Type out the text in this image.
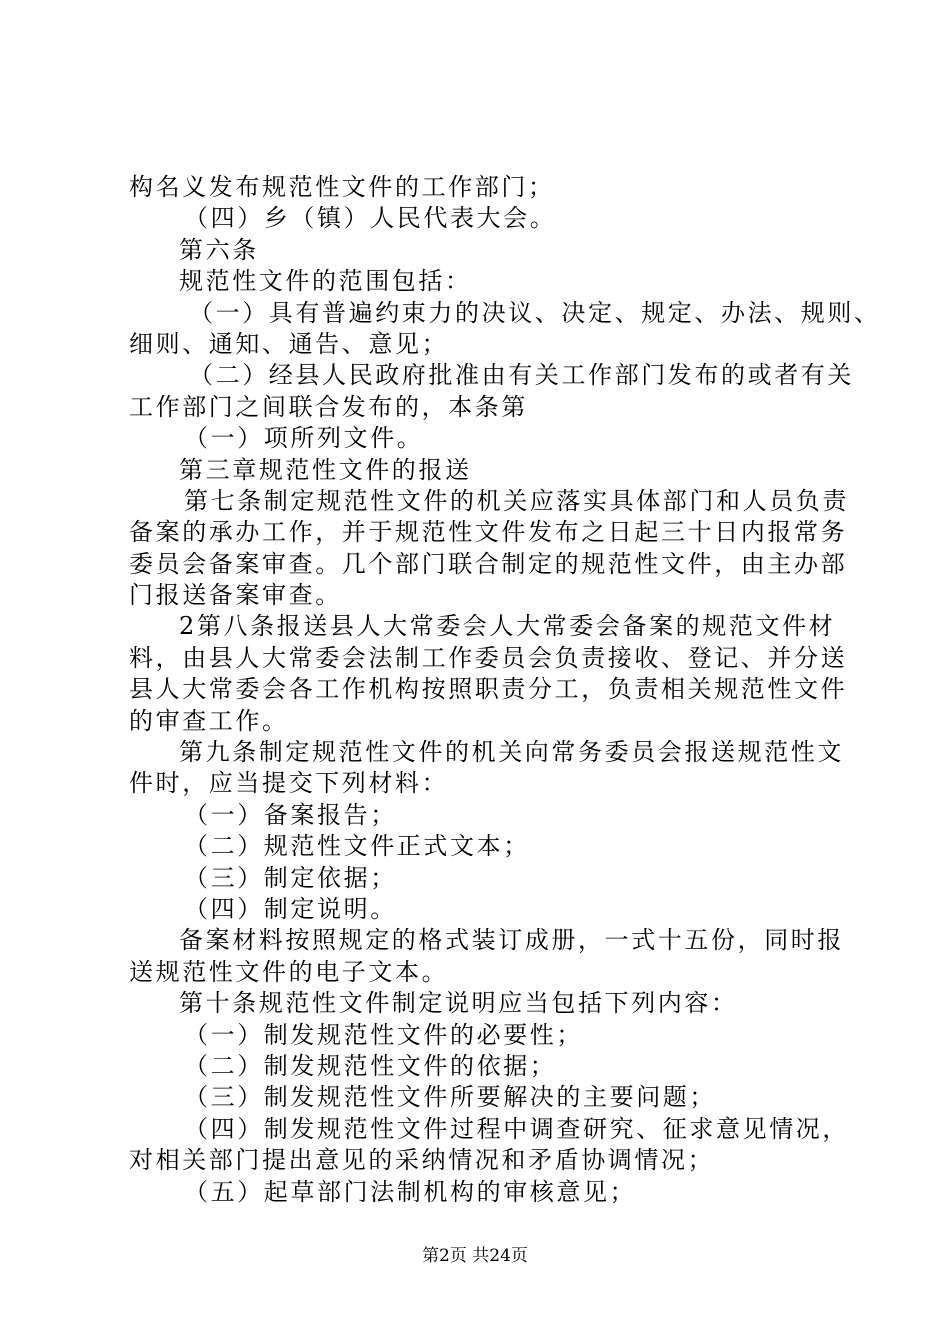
构名义发布规范性文件的工作部门；
（四）乡（镇）人民代表大会。
第六条
规范性文件的范围包括：
（一）具有普遍约束力的决议、决定、规定、办法、规则、
细则、通知、通告、意见；
（二）经县人民政府批准由有关工作部门发布的或者有关
工作部门之间联合发布的，本条第
（一）项所列文件。
第三章规范性文件的报送
第七条制定规范性文件的机关应落实具体部门和人员负责
备案的承办工作，并于规范性文件发布之日起三十日内报常务
委员会备案审查。几个部门联合制定的规范性文件，由主办部
门报送备案审查。
2第八条报送县人大常委会人大常委会备案的规范文件材
料，由县人大常委会法制工作委员会负责接收、登记、并分送
县人大常委会各工作机构按照职责分工，负责相关规范性文件
的审查工作。
第九条制定规范性文件的机关向常务委员会报送规范性文
件时，应当提交下列材料：
（一）备案报告；
（二）规范性文件正式文本；
（三）制定依据；
（四）制定说明。
备案材料按照规定的格式装订成册，一式十五份，同时报
送规范性文件的电子文本。
第十条规范性文件制定说明应当包括下列内容：
（一）制发规范性文件的必要性；
（二）制发规范性文件的依据；
（三）制发规范性文件所要解决的主要问题；
（四）制发规范性文件过程中调查研究、征求意见情况，
对相关部门提出意见的采纳情况和矛盾协调情况；
（五）起草部门法制机构的审核意见；
第2页 共24页
